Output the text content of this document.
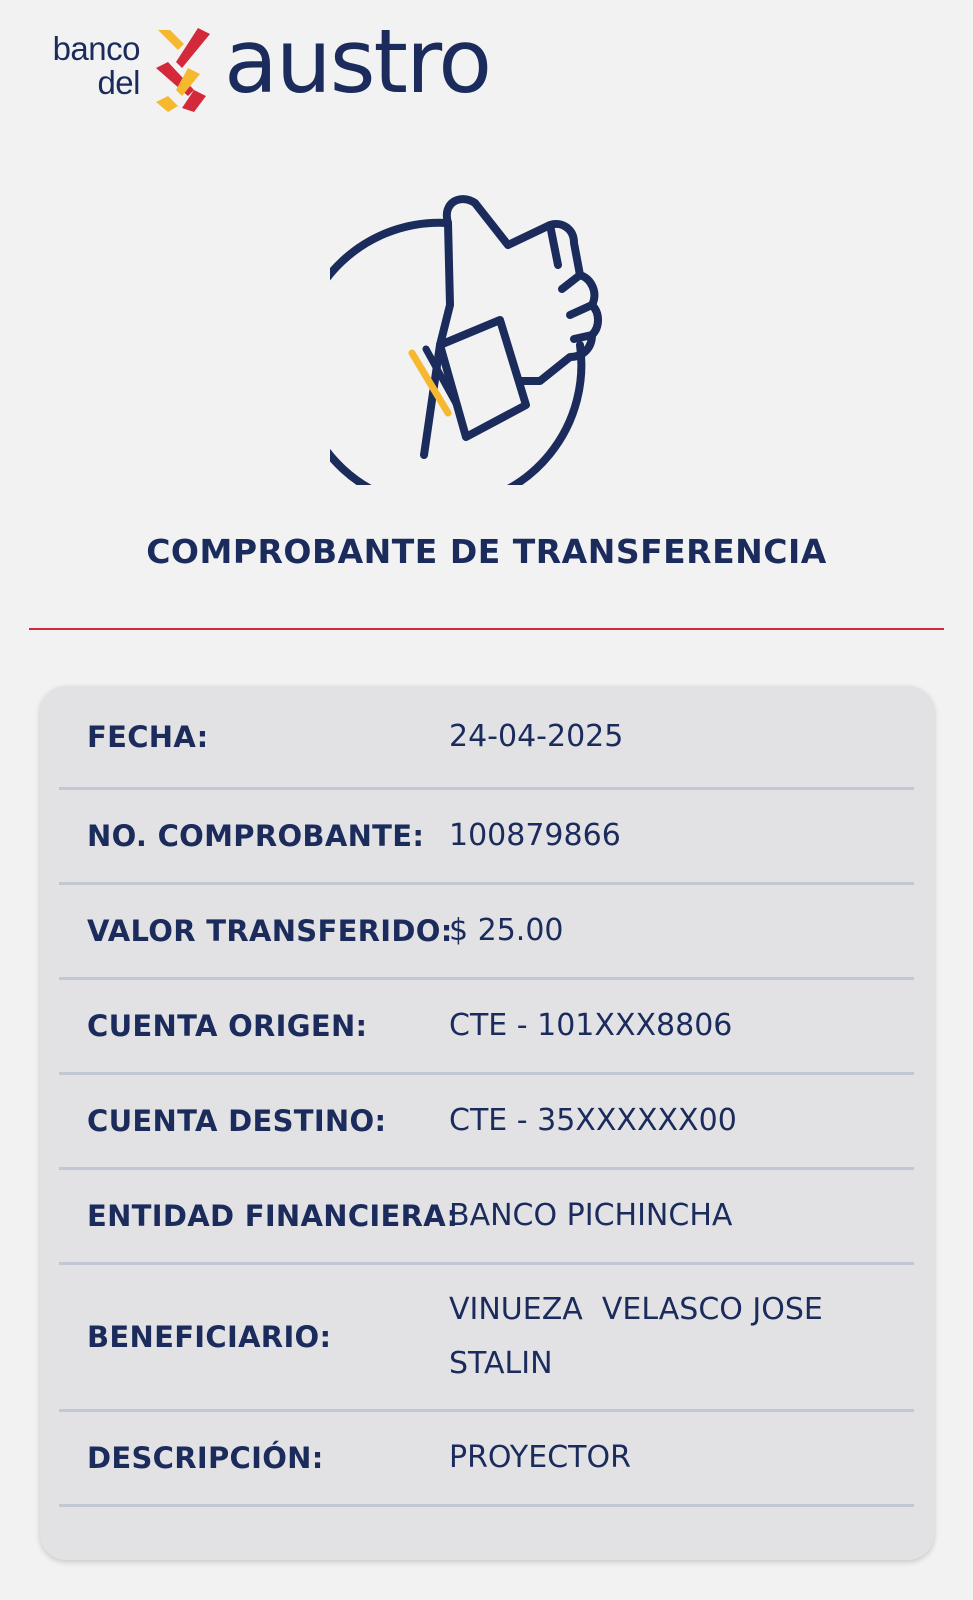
banco
del austro
COMPROBANTE DE TRANSFERENCIA
FECHA:	24-04-2025
NO. COMPROBANTE: 100879866
VALOR TRANSFERIDO:
$ 25.00
CUENTA ORIGEN:	CTE - 101XXX8806
CUENTA DESTINO:	CTE - 35XXXXXX00
ENTIDAD FINANCIERA:
BANCO PICHINCHA
BENEFICIARIO:
VINUEZA  VELASCO JOSE STALIN
DESCRIPCIÓN:	PROYECTOR
